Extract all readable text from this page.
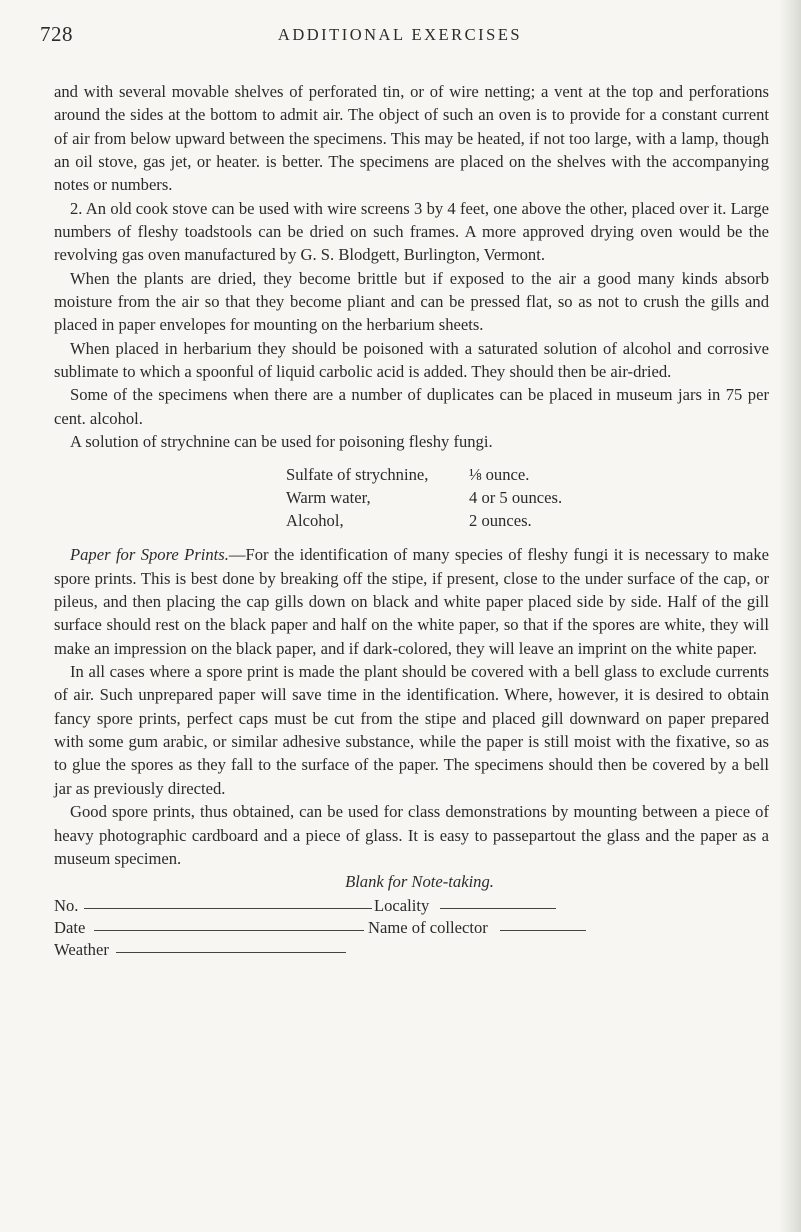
728	ADDITIONAL EXERCISES

and with several movable shelves of perforated tin, or of wire netting; a vent at the top and perforations around the sides at the bottom to admit air. The object of such an oven is to provide for a constant current of air from below upward between the specimens. This may be heated, if not too large, with a lamp, though an oil stove, gas jet, or heater. is better. The specimens are placed on the shelves with the accompanying notes or numbers.

2. An old cook stove can be used with wire screens 3 by 4 feet, one above the other, placed over it. Large numbers of fleshy toadstools can be dried on such frames. A more approved drying oven would be the revolving gas oven manufactured by G. S. Blodgett, Burlington, Vermont.

When the plants are dried, they become brittle but if exposed to the air a good many kinds absorb moisture from the air so that they become pliant and can be pressed flat, so as not to crush the gills and placed in paper envelopes for mounting on the herbarium sheets.

When placed in herbarium they should be poisoned with a saturated solution of alcohol and corrosive sublimate to which a spoonful of liquid carbolic acid is added. They should then be air-dried.

Some of the specimens when there are a number of duplicates can be placed in museum jars in 75 per cent. alcohol.

A solution of strychnine can be used for poisoning fleshy fungi.

Sulfate of strychnine,	⅛ ounce.
Warm water,	4 or 5 ounces.
Alcohol,	2 ounces.

Paper for Spore Prints.—For the identification of many species of fleshy fungi it is necessary to make spore prints. This is best done by breaking off the stipe, if present, close to the under surface of the cap, or pileus, and then placing the cap gills down on black and white paper placed side by side. Half of the gill surface should rest on the black paper and half on the white paper, so that if the spores are white, they will make an impression on the black paper, and if dark-colored, they will leave an imprint on the white paper.

In all cases where a spore print is made the plant should be covered with a bell glass to exclude currents of air. Such unprepared paper will save time in the identification. Where, however, it is desired to obtain fancy spore prints, perfect caps must be cut from the stipe and placed gill downward on paper prepared with some gum arabic, or similar adhesive substance, while the paper is still moist with the fixative, so as to glue the spores as they fall to the surface of the paper. The specimens should then be covered by a bell jar as previously directed.

Good spore prints, thus obtained, can be used for class demonstrations by mounting between a piece of heavy photographic cardboard and a piece of glass. It is easy to passepartout the glass and the paper as a museum specimen.

Blank for Note-taking.

No.	Locality
Date	Name of collector
Weather
